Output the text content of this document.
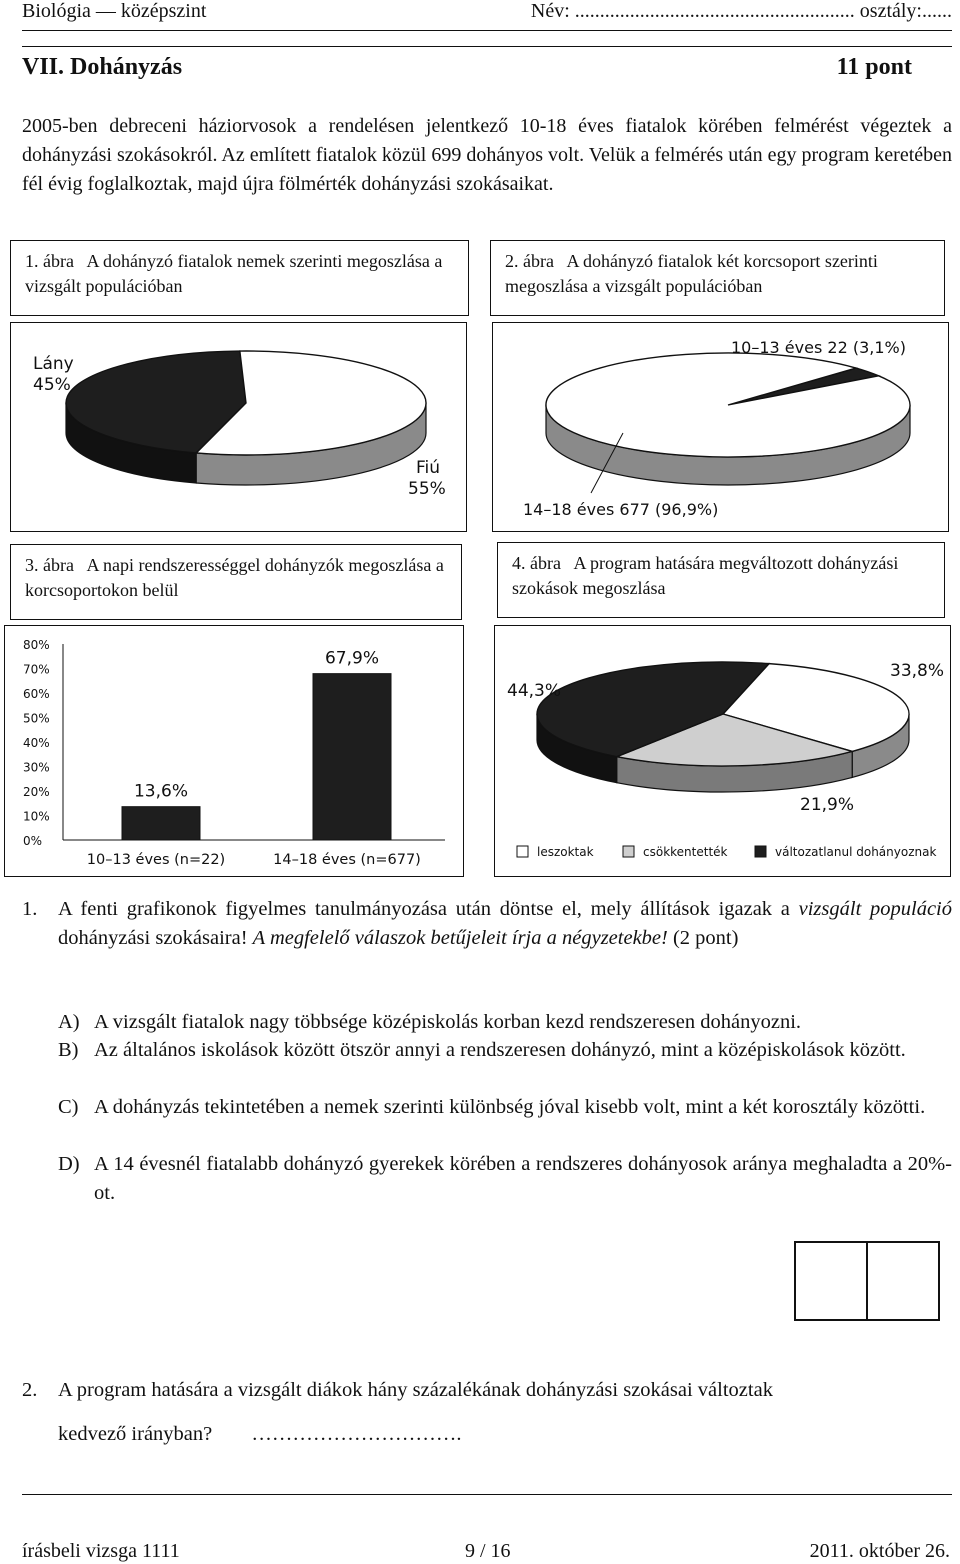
Biológia — középszint	Név: ........................................................ osztály:......
VII. Dohányzás	11 pont
2005-ben debreceni háziorvosok a rendelésen jelentkező 10-18 éves fiatalok körében felmérést végeztek a dohányzási szokásokról. Az említett fiatalok közül 699 dohányos volt. Velük a felmérés után egy program keretében fél évig foglalkoztak, majd újra fölmérték dohányzási szokásaikat.
1. ábra A dohányzó fiatalok nemek szerinti megoszlása a vizsgált populációban
2. ábra A dohányzó fiatalok két korcsoport szerinti megoszlása a vizsgált populációban
3. ábra A napi rendszerességgel dohányzók megoszlása a korcsoportokon belül
4. ábra A program hatására megváltozott dohányzási szokások megoszlása
Lány
45%
Fiú
55%
10–13 éves 22 (3,1%)
14–18 éves 677 (96,9%)
0%
10%
20%
30%
40%
50%
60%
70%
80%
13,6%
10–13 éves (n=22)
67,9%
14–18 éves (n=677)
33,8%
21,9%
44,3%
leszoktak	csökkentették	változatlanul dohányoznak
1. A fenti grafikonok figyelmes tanulmányozása után döntse el, mely állítások igazak a vizsgált populáció dohányzási szokásaira! A megfelelő válaszok betűjeleit írja a négyzetekbe! (2 pont)
A) A vizsgált fiatalok nagy többsége középiskolás korban kezd rendszeresen dohányozni.
B) Az általános iskolások között ötször annyi a rendszeresen dohányzó, mint a középiskolások között.
C) A dohányzás tekintetében a nemek szerinti különbség jóval kisebb volt, mint a két korosztály közötti.
D) A 14 évesnél fiatalabb dohányzó gyerekek körében a rendszeres dohányosok aránya meghaladta a 20%-ot.
2. A program hatására a vizsgált diákok hány százalékának dohányzási szokásai változtak
kedvező irányban? ………………………….
írásbeli vizsga 1111	9 / 16	2011. október 26.
